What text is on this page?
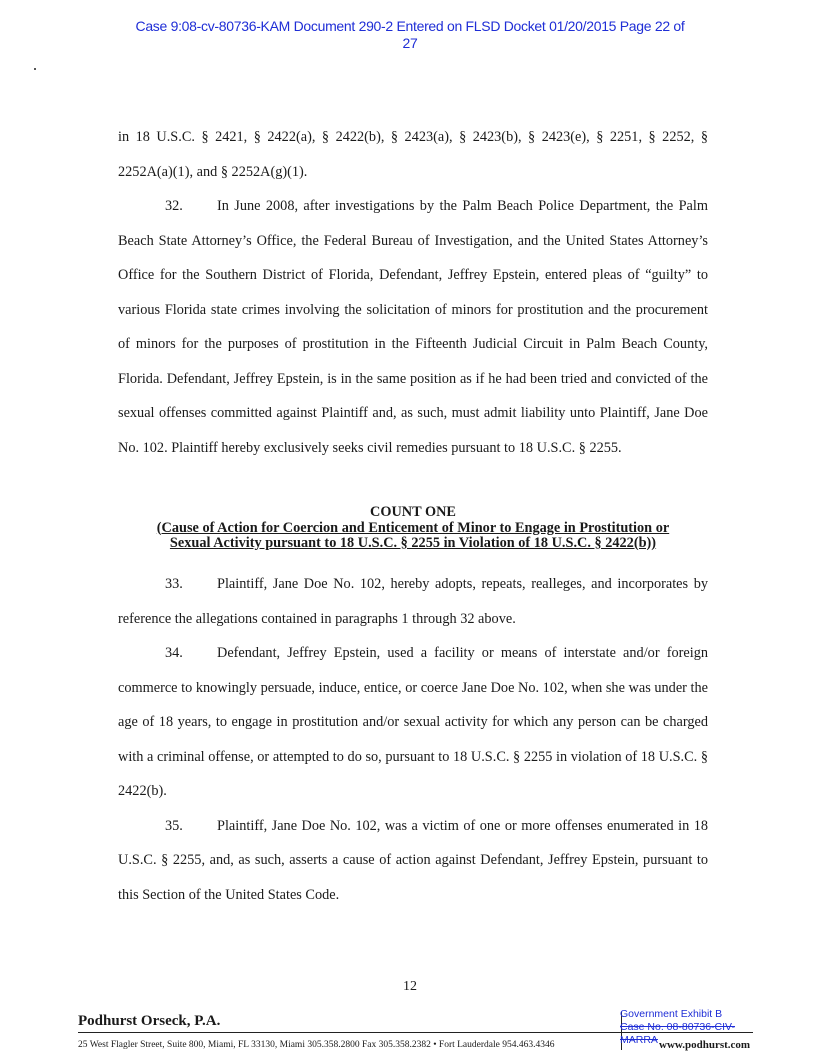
Case 9:08-cv-80736-KAM Document 290-2 Entered on FLSD Docket 01/20/2015 Page 22 of
27

in 18 U.S.C. § 2421, § 2422(a), § 2422(b), § 2423(a), § 2423(b), § 2423(e), § 2251, § 2252, § 2252A(a)(1), and § 2252A(g)(1).

32. In June 2008, after investigations by the Palm Beach Police Department, the Palm Beach State Attorney’s Office, the Federal Bureau of Investigation, and the United States Attorney’s Office for the Southern District of Florida, Defendant, Jeffrey Epstein, entered pleas of “guilty” to various Florida state crimes involving the solicitation of minors for prostitution and the procurement of minors for the purposes of prostitution in the Fifteenth Judicial Circuit in Palm Beach County, Florida. Defendant, Jeffrey Epstein, is in the same position as if he had been tried and convicted of the sexual offenses committed against Plaintiff and, as such, must admit liability unto Plaintiff, Jane Doe No. 102. Plaintiff hereby exclusively seeks civil remedies pursuant to 18 U.S.C. § 2255.

COUNT ONE
(Cause of Action for Coercion and Enticement of Minor to Engage in Prostitution or
Sexual Activity pursuant to 18 U.S.C. § 2255 in Violation of 18 U.S.C. § 2422(b))

33. Plaintiff, Jane Doe No. 102, hereby adopts, repeats, realleges, and incorporates by reference the allegations contained in paragraphs 1 through 32 above.

34. Defendant, Jeffrey Epstein, used a facility or means of interstate and/or foreign commerce to knowingly persuade, induce, entice, or coerce Jane Doe No. 102, when she was under the age of 18 years, to engage in prostitution and/or sexual activity for which any person can be charged with a criminal offense, or attempted to do so, pursuant to 18 U.S.C. § 2255 in violation of 18 U.S.C. § 2422(b).

35. Plaintiff, Jane Doe No. 102, was a victim of one or more offenses enumerated in 18 U.S.C. § 2255, and, as such, asserts a cause of action against Defendant, Jeffrey Epstein, pursuant to this Section of the United States Code.

12
Podhurst Orseck, P.A.
25 West Flagler Street, Suite 800, Miami, FL 33130, Miami 305.358.2800 Fax 305.358.2382 • Fort Lauderdale 954.463.4346	www.podhurst.com
Government Exhibit B
Case No. 08-80736-CIV-MARRA
